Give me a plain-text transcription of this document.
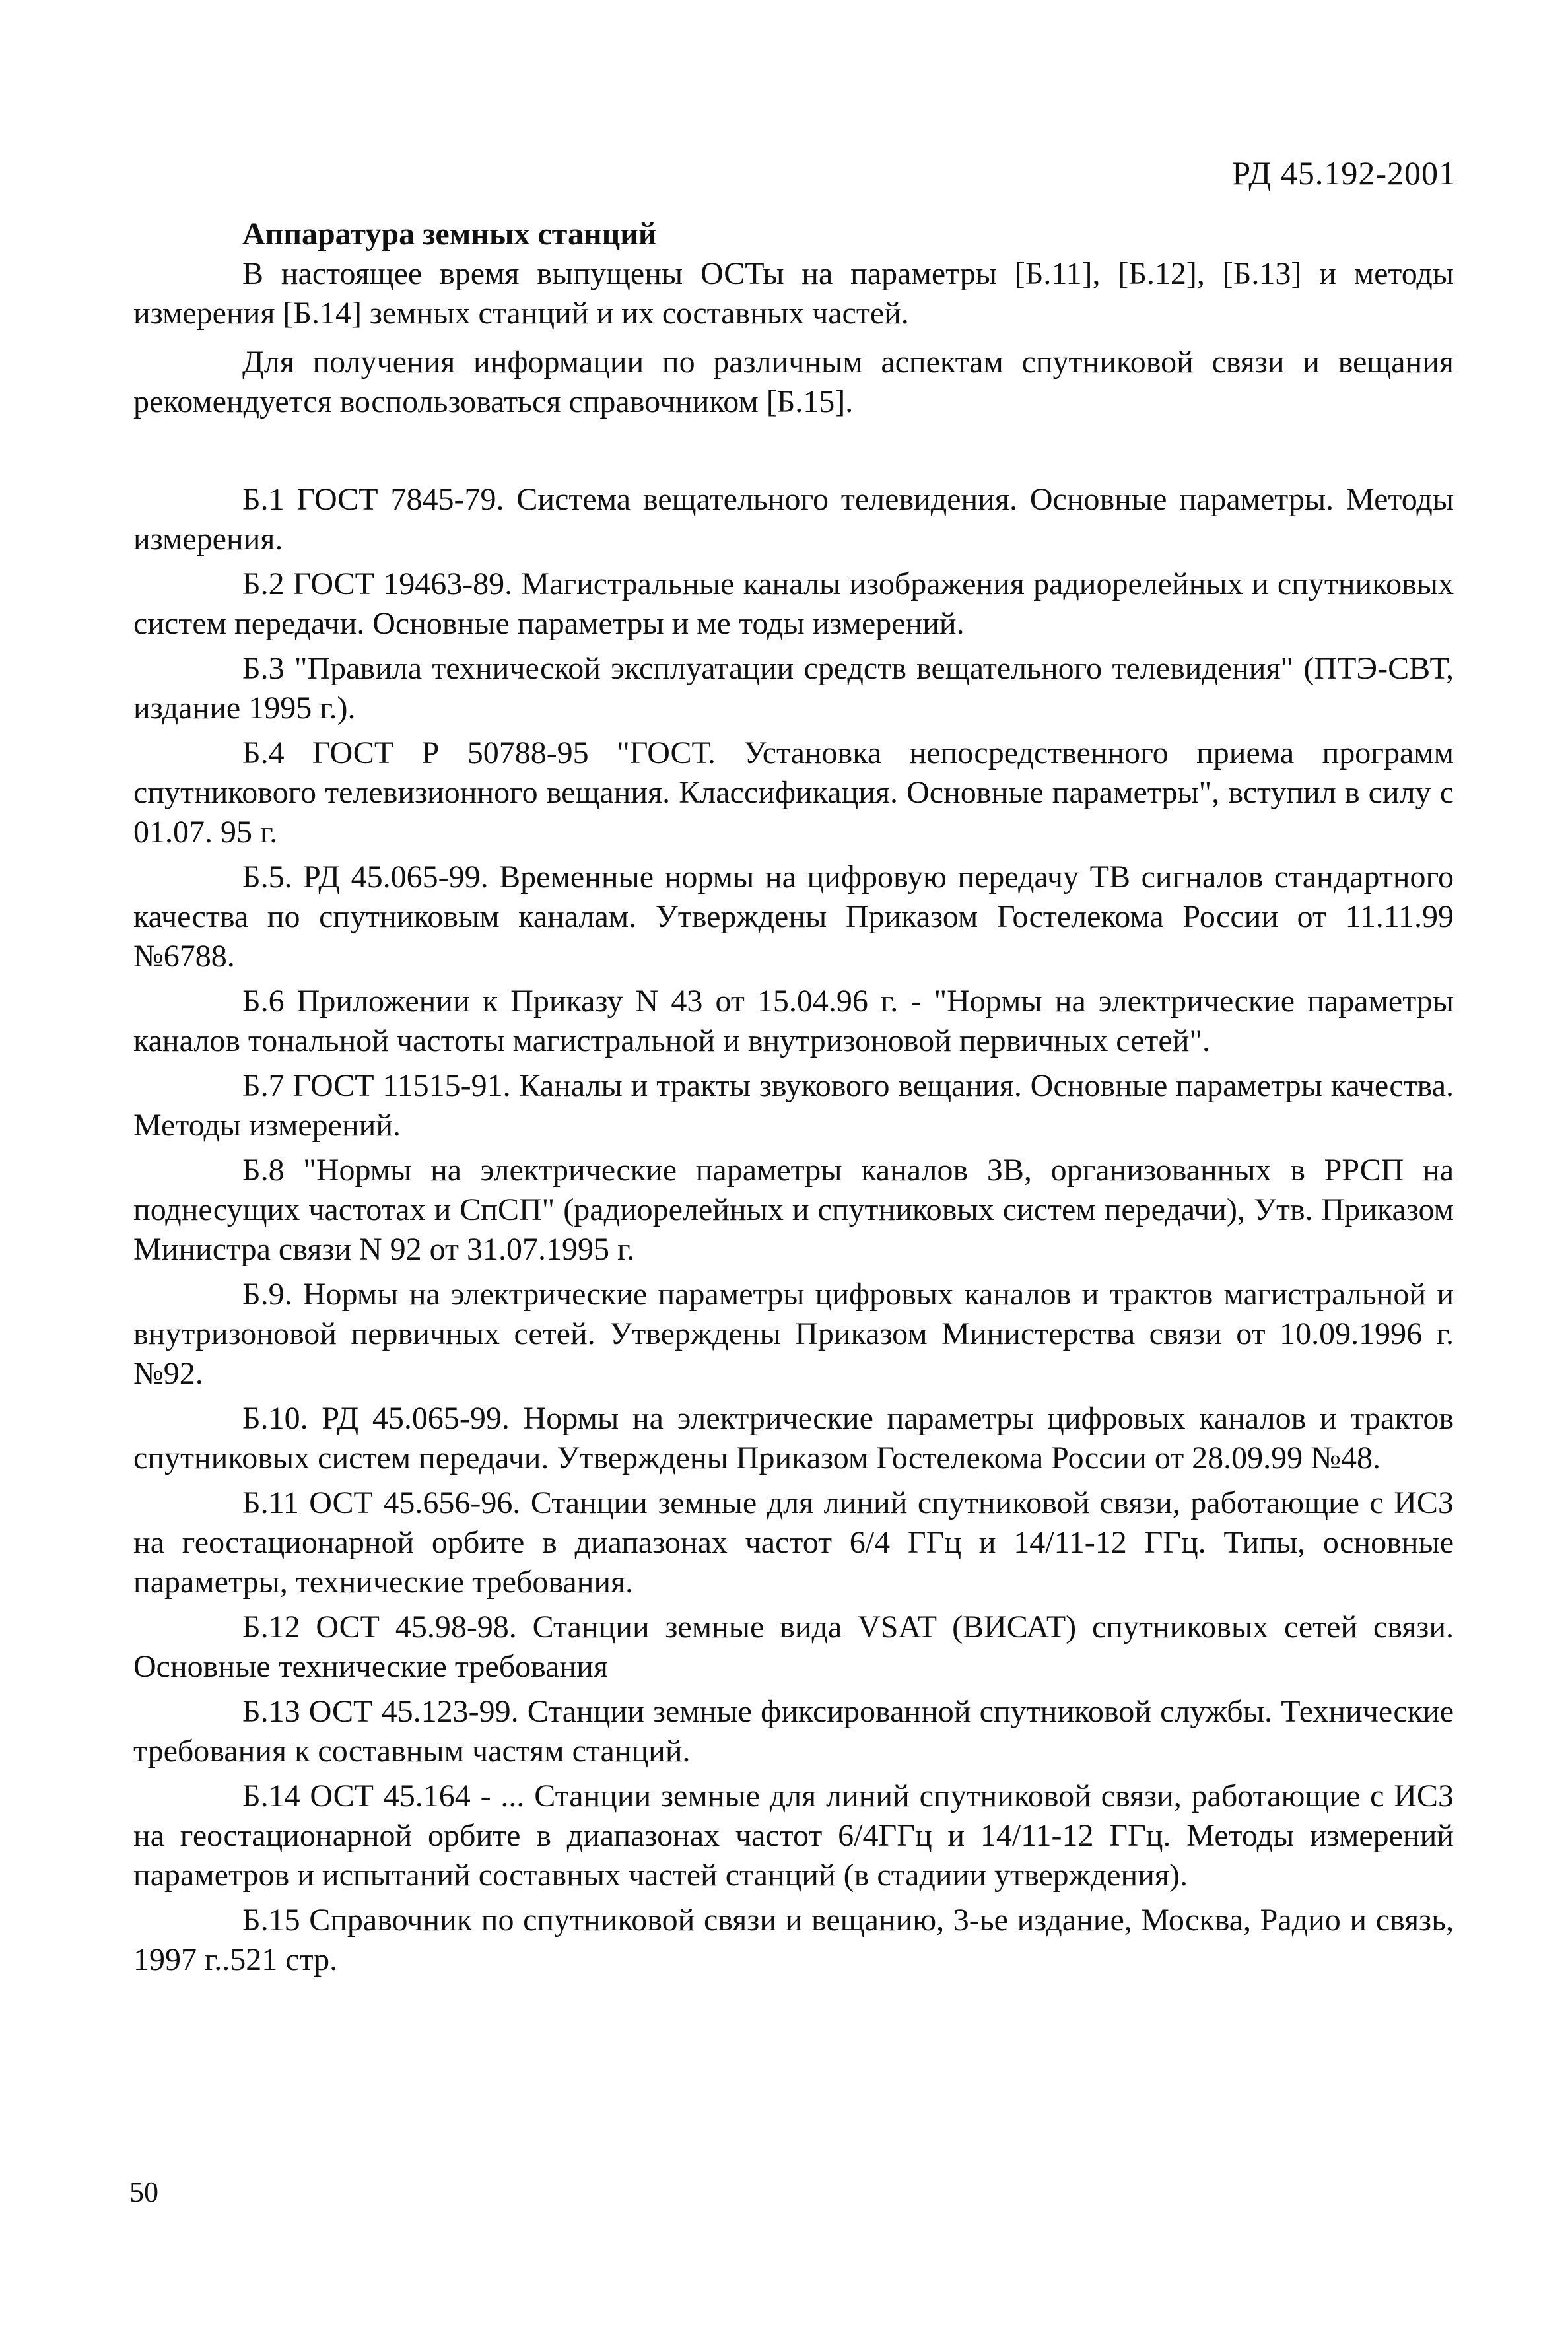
РД 45.192-2001
Аппаратура земных станций

В настоящее время выпущены ОСТы на параметры [Б.11], [Б.12], [Б.13] и методы измерения [Б.14] земных станций и их составных частей.

Для получения информации по различным аспектам спутниковой связи и вещания рекомендуется воспользоваться справочником [Б.15].

Б.1 ГОСТ 7845-79. Система вещательного телевидения. Основные параметры. Методы измерения.

Б.2 ГОСТ 19463-89. Магистральные каналы изображения радиорелейных и спутниковых систем передачи. Основные параметры и ме тоды измерений.

Б.3 "Правила технической эксплуатации средств вещательного телевидения" (ПТЭ-СВТ, издание 1995 г.).

Б.4 ГОСТ Р 50788-95 "ГОСТ. Установка непосредственного приема программ спутникового телевизионного вещания. Классификация. Основные параметры", вступил в силу с 01.07. 95 г.

Б.5. РД 45.065-99. Временные нормы на цифровую передачу ТВ сигналов стандартного качества по спутниковым каналам. Утверждены Приказом Гостелекома России от 11.11.99 №6788.

Б.6 Приложении к Приказу N 43 от 15.04.96 г. - "Нормы на электрические параметры каналов тональной частоты магистральной и внутризоновой первичных сетей".

Б.7 ГОСТ 11515-91. Каналы и тракты звукового вещания. Основные параметры качества. Методы измерений.

Б.8 "Нормы на электрические параметры каналов ЗВ, организованных в РРСП на поднесущих частотах и СпСП" (радиорелейных и спутниковых систем передачи), Утв. Приказом Министра связи N 92 от 31.07.1995 г.

Б.9. Нормы на электрические параметры цифровых каналов и трактов магистральной и внутризоновой первичных сетей. Утверждены Приказом Министерства связи от 10.09.1996 г. №92.

Б.10. РД 45.065-99. Нормы на электрические параметры цифровых каналов и трактов спутниковых систем передачи. Утверждены Приказом Гостелекома России от 28.09.99 №48.

Б.11 ОСТ 45.656-96. Станции земные для линий спутниковой связи, работающие с ИСЗ на геостационарной орбите в диапазонах частот 6/4 ГГц и 14/11-12 ГГц. Типы, основные параметры, технические требования.

Б.12 ОСТ 45.98-98. Станции земные вида VSAT (ВИСАТ) спутниковых сетей связи. Основные технические требования

Б.13 ОСТ 45.123-99. Станции земные фиксированной спутниковой службы. Технические требования к составным частям станций.

Б.14 ОСТ 45.164 - ... Станции земные для линий спутниковой связи, работающие с ИСЗ на геостационарной орбите в диапазонах частот 6/4ГГц и 14/11-12 ГГц. Методы измерений параметров и испытаний составных частей станций (в стадиии утверждения).

Б.15 Справочник по спутниковой связи и вещанию, 3-ье издание, Москва, Радио и связь, 1997 г..521 стр.

50
